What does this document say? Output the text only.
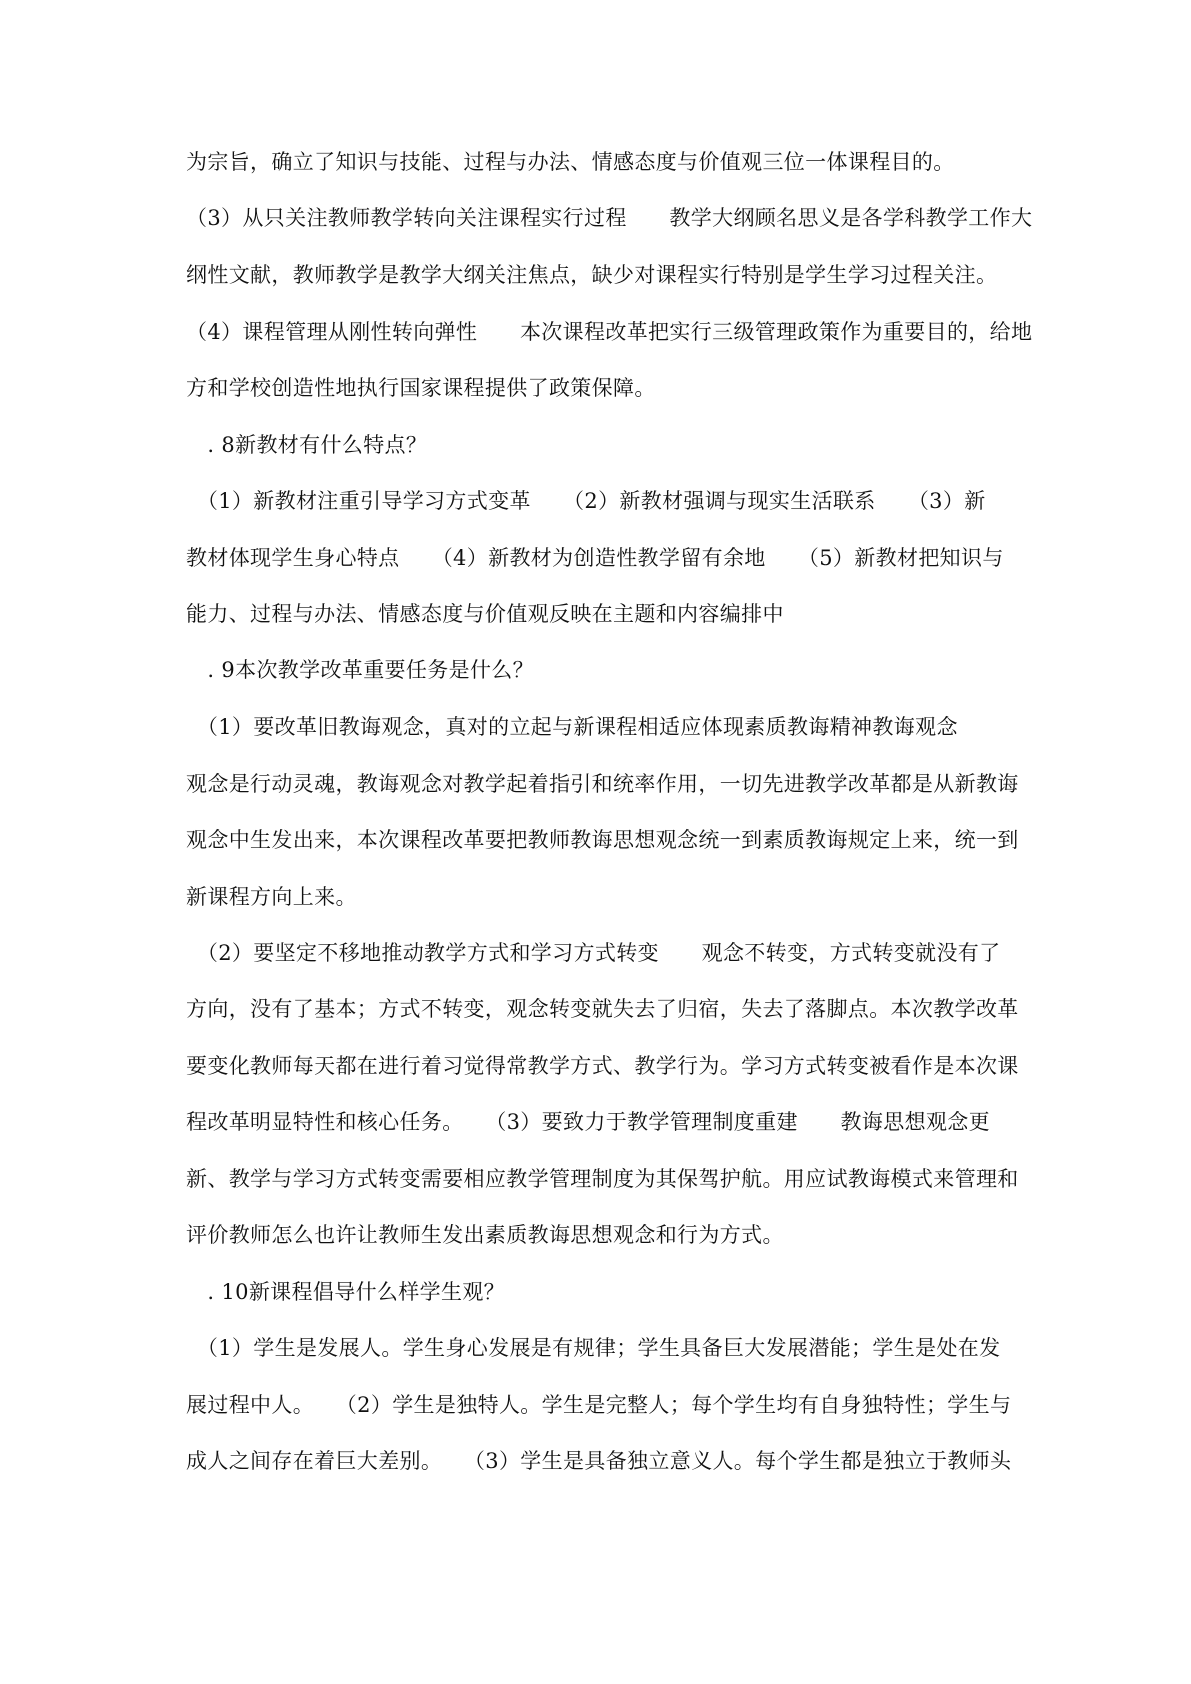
为宗旨，确立了知识与技能、过程与办法、情感态度与价值观三位一体课程目的。
（3）从只关注教师教学转向关注课程实行过程　　教学大纲顾名思义是各学科教学工作大
纲性文献，教师教学是教学大纲关注焦点，缺少对课程实行特别是学生学习过程关注。
（4）课程管理从刚性转向弹性　　本次课程改革把实行三级管理政策作为重要目的，给地
方和学校创造性地执行国家课程提供了政策保障。
　. 8新教材有什么特点？
　（1）新教材注重引导学习方式变革　　（2）新教材强调与现实生活联系　　（3）新
教材体现学生身心特点　　（4）新教材为创造性教学留有余地　　（5）新教材把知识与
能力、过程与办法、情感态度与价值观反映在主题和内容编排中
　. 9本次教学改革重要任务是什么？
　（1）要改革旧教诲观念，真对的立起与新课程相适应体现素质教诲精神教诲观念
观念是行动灵魂，教诲观念对教学起着指引和统率作用，一切先进教学改革都是从新教诲
观念中生发出来，本次课程改革要把教师教诲思想观念统一到素质教诲规定上来，统一到
新课程方向上来。
　（2）要坚定不移地推动教学方式和学习方式转变　　观念不转变，方式转变就没有了
方向，没有了基本；方式不转变，观念转变就失去了归宿，失去了落脚点。本次教学改革
要变化教师每天都在进行着习觉得常教学方式、教学行为。学习方式转变被看作是本次课
程改革明显特性和核心任务。　　（3）要致力于教学管理制度重建　　教诲思想观念更
新、教学与学习方式转变需要相应教学管理制度为其保驾护航。用应试教诲模式来管理和
评价教师怎么也许让教师生发出素质教诲思想观念和行为方式。
　. 10新课程倡导什么样学生观？
　（1）学生是发展人。学生身心发展是有规律；学生具备巨大发展潜能；学生是处在发
展过程中人。　　（2）学生是独特人。学生是完整人；每个学生均有自身独特性；学生与
成人之间存在着巨大差别。　　（3）学生是具备独立意义人。每个学生都是独立于教师头
